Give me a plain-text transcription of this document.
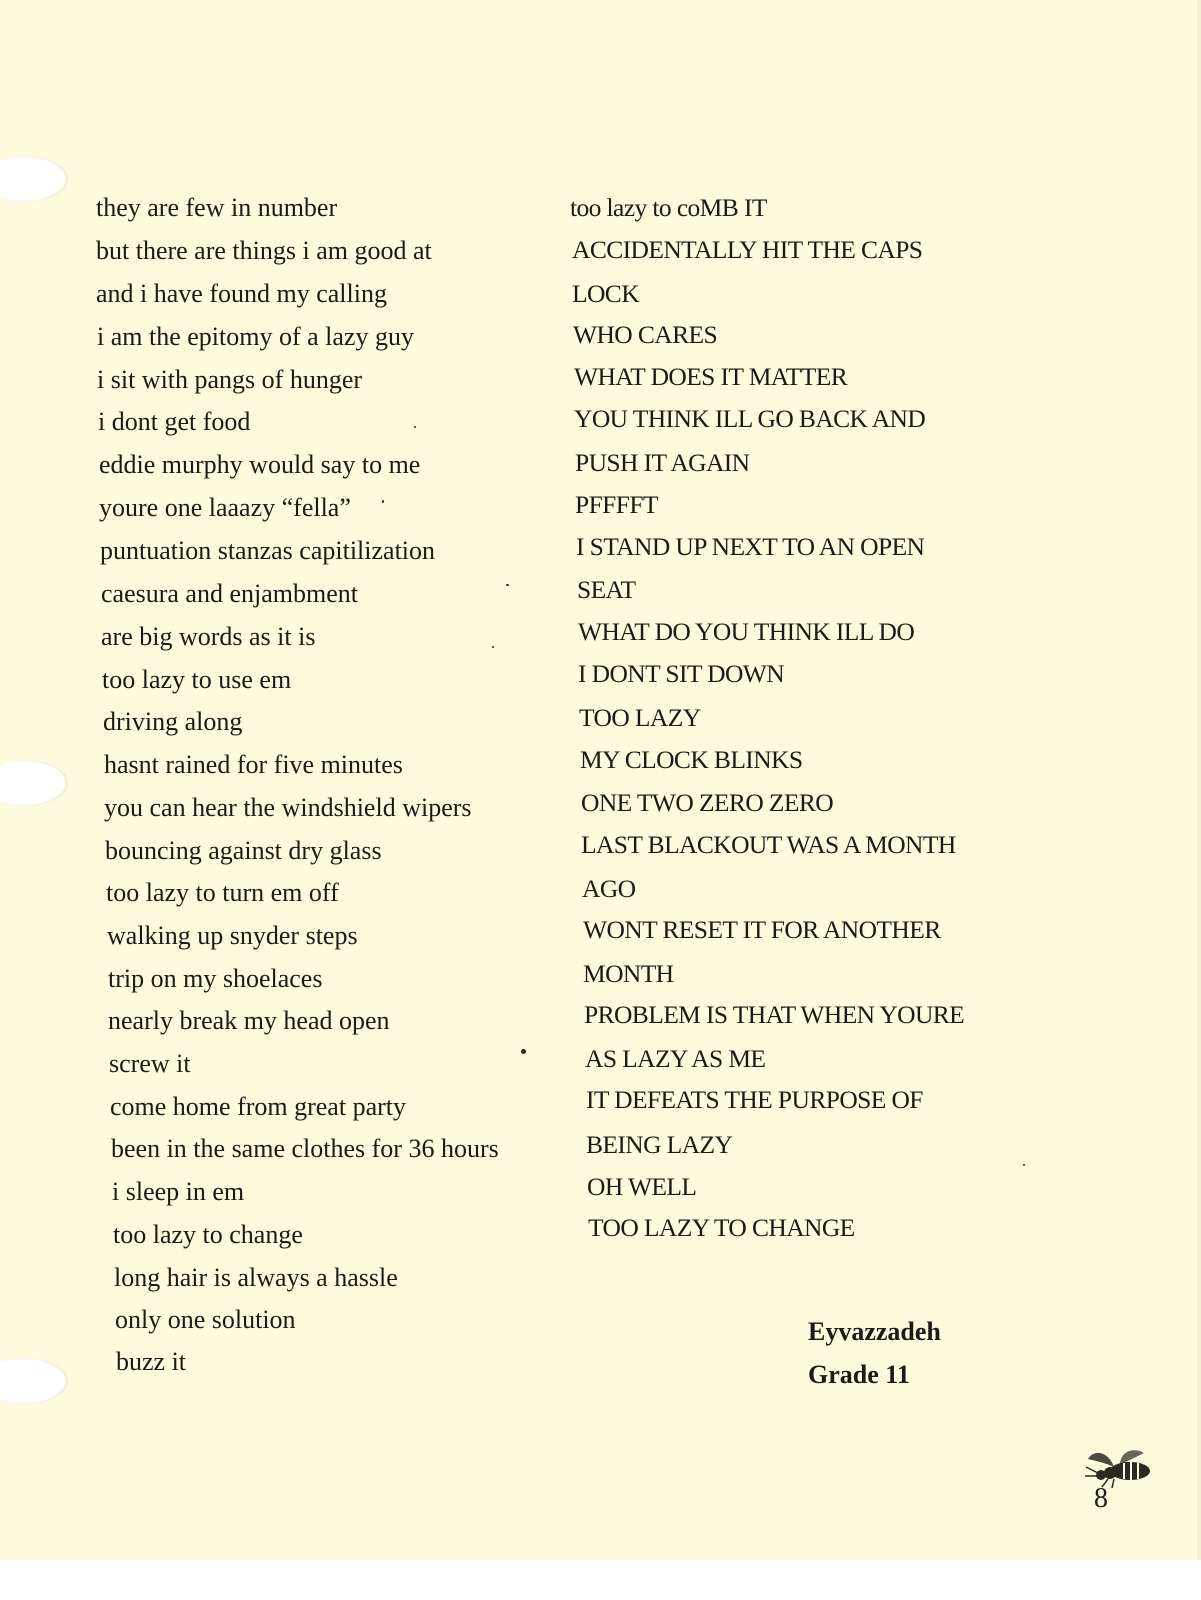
they are few in number
but there are things i am good at
and i have found my calling
i am the epitomy of a lazy guy
i sit with pangs of hunger
i dont get food
eddie murphy would say to me
youre one laaazy “fella”
puntuation stanzas capitilization
caesura and enjambment
are big words as it is
too lazy to use em
driving along
hasnt rained for five minutes
you can hear the windshield wipers
bouncing against dry glass
too lazy to turn em off
walking up snyder steps
trip on my shoelaces
nearly break my head open
screw it
come home from great party
been in the same clothes for 36 hours
i sleep in em
too lazy to change
long hair is always a hassle
only one solution
buzz it
too lazy to coMB IT
ACCIDENTALLY HIT THE CAPS
LOCK
WHO CARES
WHAT DOES IT MATTER
YOU THINK ILL GO BACK AND
PUSH IT AGAIN
PFFFFT
I STAND UP NEXT TO AN OPEN
SEAT
WHAT DO YOU THINK ILL DO
I DONT SIT DOWN
TOO LAZY
MY CLOCK BLINKS
ONE TWO ZERO ZERO
LAST BLACKOUT WAS A MONTH
AGO
WONT RESET IT FOR ANOTHER
MONTH
PROBLEM IS THAT WHEN YOURE
AS LAZY AS ME
IT DEFEATS THE PURPOSE OF
BEING LAZY
OH WELL
TOO LAZY TO CHANGE
Eyvazzadeh
Grade 11
8
